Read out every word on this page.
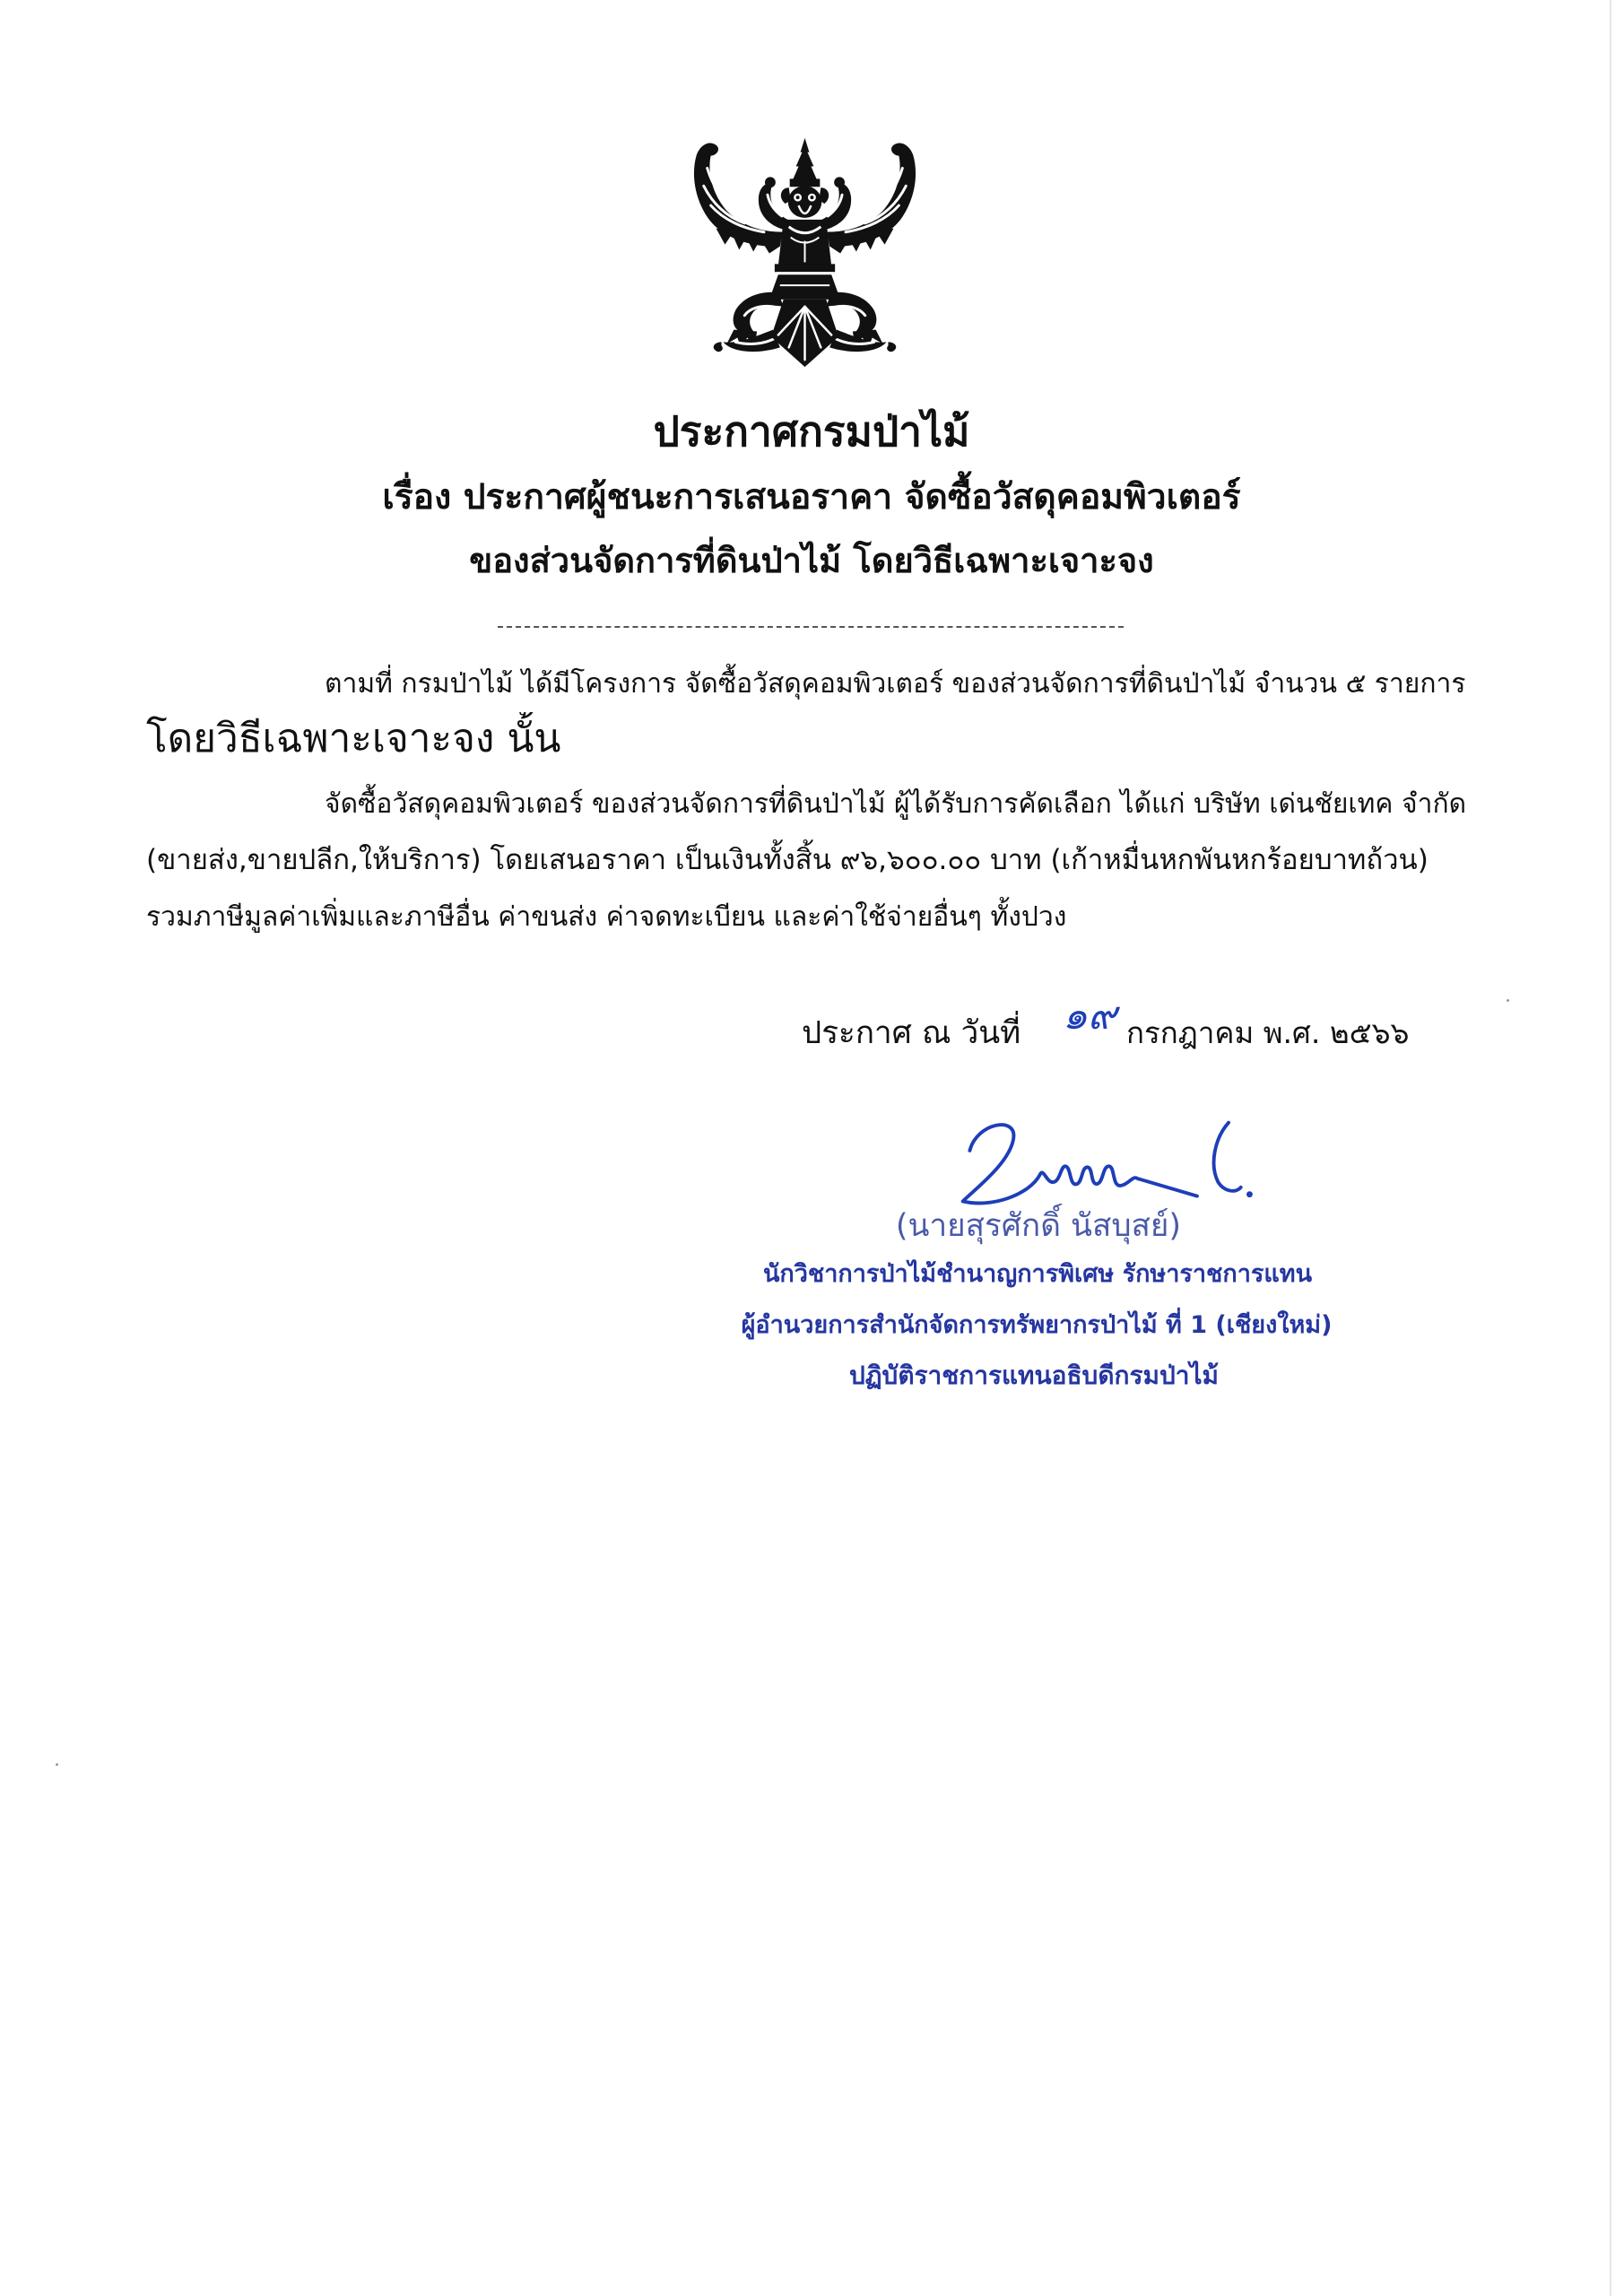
ประกาศกรมป่าไม้
เรื่อง ประกาศผู้ชนะการเสนอราคา จัดซื้อวัสดุคอมพิวเตอร์
ของส่วนจัดการที่ดินป่าไม้ โดยวิธีเฉพาะเจาะจง
ตามที่ กรมป่าไม้ ได้มีโครงการ จัดซื้อวัสดุคอมพิวเตอร์ ของส่วนจัดการที่ดินป่าไม้ จำนวน ๕ รายการ
โดยวิธีเฉพาะเจาะจง นั้น
จัดซื้อวัสดุคอมพิวเตอร์ ของส่วนจัดการที่ดินป่าไม้ ผู้ได้รับการคัดเลือก ได้แก่ บริษัท เด่นชัยเทค จำกัด
(ขายส่ง,ขายปลีก,ให้บริการ) โดยเสนอราคา เป็นเงินทั้งสิ้น ๙๖,๖๐๐.๐๐ บาท (เก้าหมื่นหกพันหกร้อยบาทถ้วน)
รวมภาษีมูลค่าเพิ่มและภาษีอื่น ค่าขนส่ง ค่าจดทะเบียน และค่าใช้จ่ายอื่นๆ ทั้งปวง
ประกาศ ณ วันที่	๑๙ กรกฎาคม พ.ศ. ๒๕๖๖
(นายสุรศักดิ์ นัสบุสย์)
นักวิชาการป่าไม้ชำนาญการพิเศษ รักษาราชการแทน
ผู้อำนวยการสำนักจัดการทรัพยากรป่าไม้ ที่ 1 (เชียงใหม่)
ปฏิบัติราชการแทนอธิบดีกรมป่าไม้
